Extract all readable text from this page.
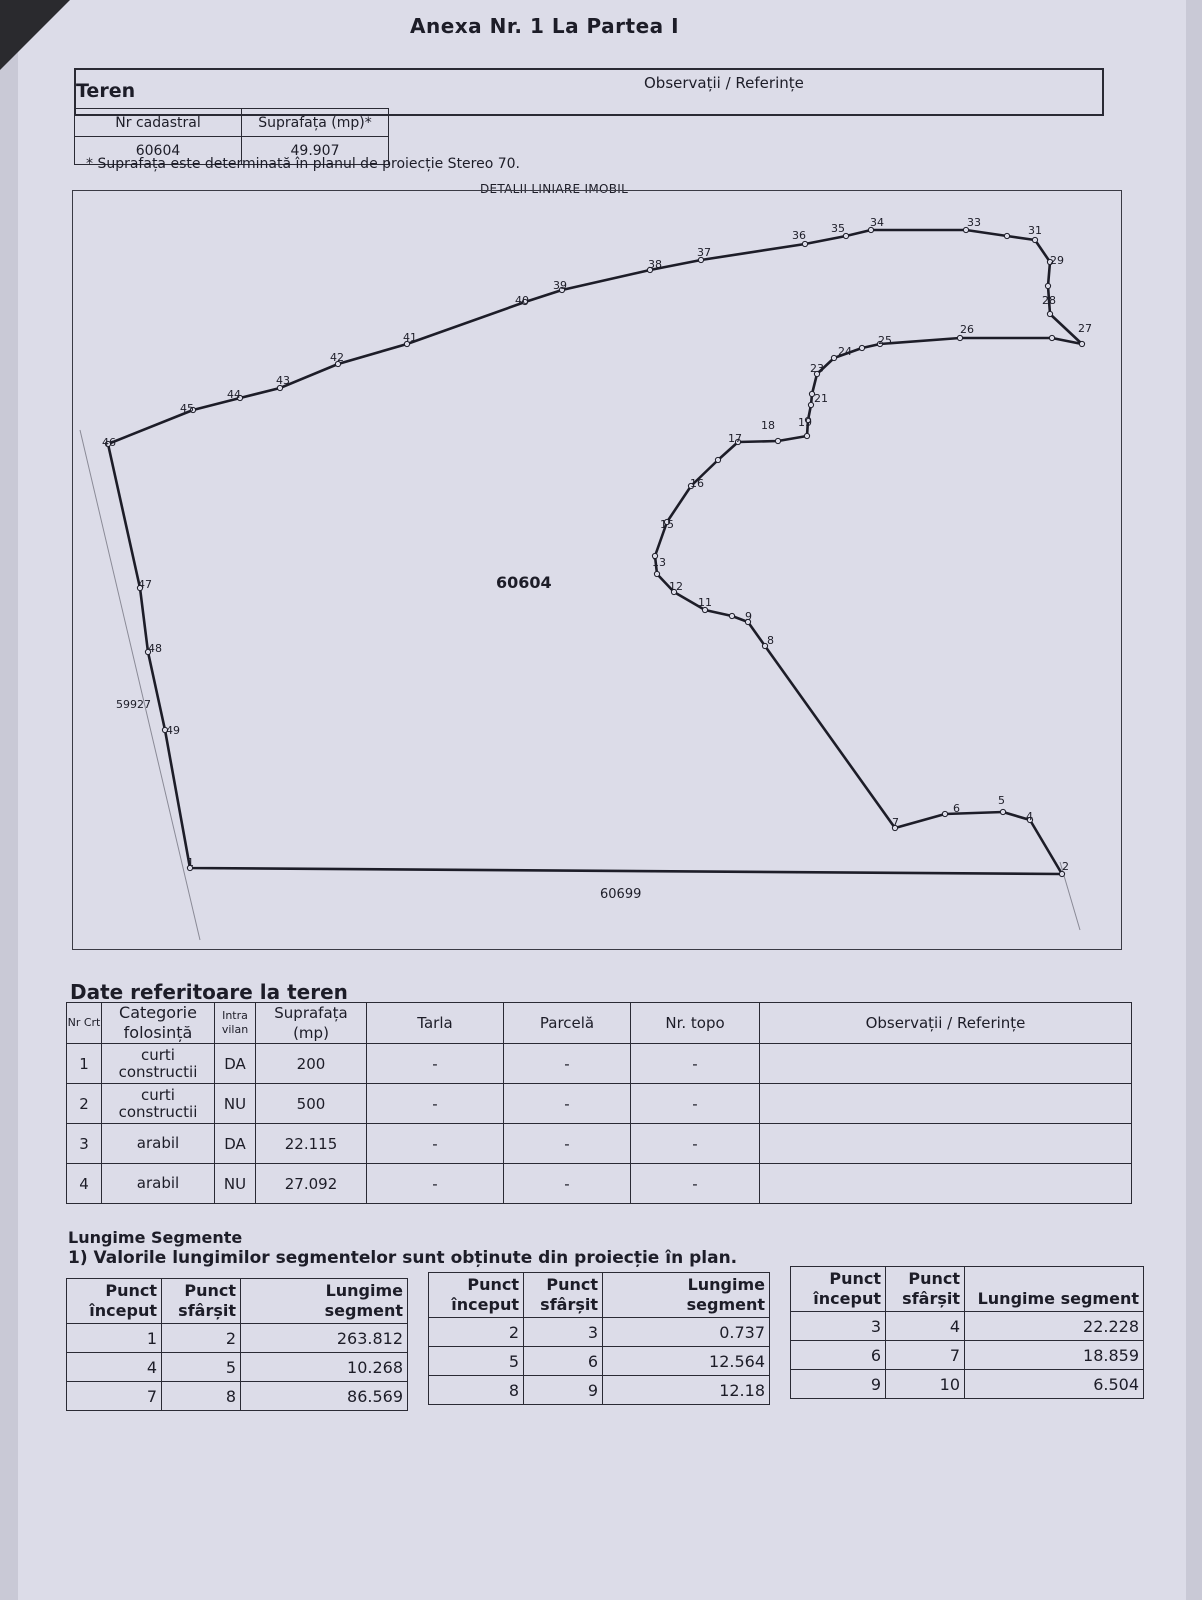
Anexa Nr. 1 La Partea I
Observații / Referințe
Teren
Nr cadastral	Suprafața (mp)*
60604	49.907
* Suprafața este determinată în planul de proiecție Stereo 70.
DETALII LINIARE IMOBIL
60604
60699
59927
1	2
4
5
6
7
8
9
11
12
13
15
16
17
18 19
21
23
24
25
26	27
28
29
31
33
34
35
36
37
38
39
40
41
42
43
44
45
46
47
48
49
Date referitoare la teren
Nr Crt	Categorie folosință	Intra vilan	Suprafața (mp)	Tarla	Parcelă	Nr. topo	Observații / Referințe
1	curti constructii	DA	200	-	-	-	
2	curti constructii	NU	500	-	-	-	
3	arabil	DA	22.115	-	-	-	
4	arabil	NU	27.092	-	-	-	
Lungime Segmente
1) Valorile lungimilor segmentelor sunt obținute din proiecție în plan.
Punct început	Punct sfârșit	Lungime segment
1	2	263.812
4	5	10.268
7	8	86.569
Punct început	Punct sfârșit	Lungime segment
2	3	0.737
5	6	12.564
8	9	12.18
Punct început	Punct sfârșit	Lungime segment
3	4	22.228
6	7	18.859
9	10	6.504
